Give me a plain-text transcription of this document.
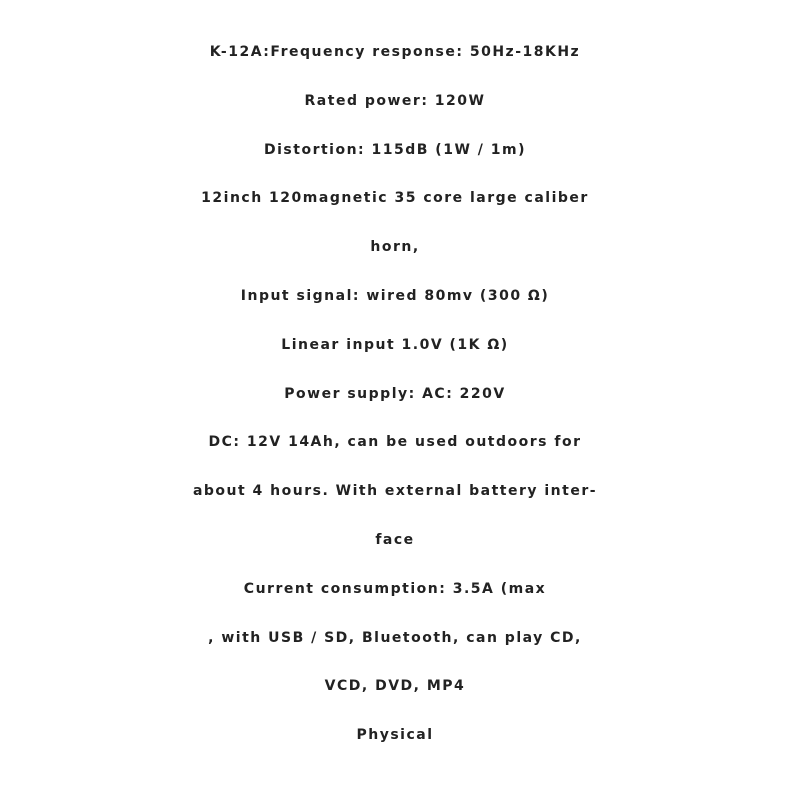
K-12A:Frequency response: 50Hz-18KHz
Rated power: 120W
Distortion: 115dB (1W / 1m)
12inch 120magnetic 35 core large caliber
horn,
Input signal: wired 80mv (300 Ω)
Linear input 1.0V (1K Ω)
Power supply: AC: 220V
DC: 12V 14Ah, can be used outdoors for
about 4 hours. With external battery inter-
face
Current consumption: 3.5A (max
, with USB / SD, Bluetooth, can play CD,
VCD, DVD, MP4
Physical
